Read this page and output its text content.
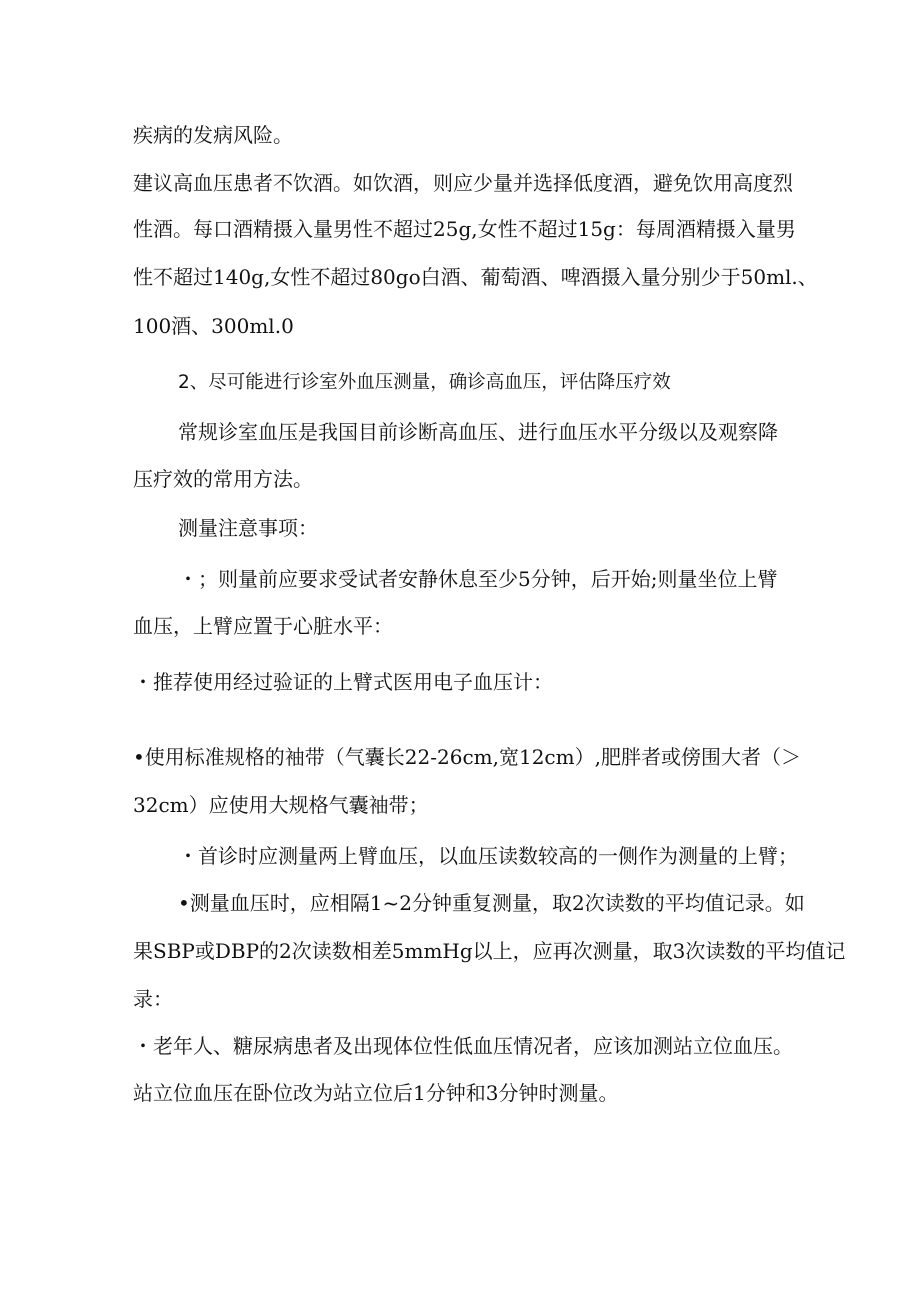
疾病的发病风险。
建议高血压患者不饮酒。如饮酒，则应少量并选择低度酒，避免饮用高度烈
性酒。每口酒精摄入量男性不超过25g,女性不超过15g：每周酒精摄入量男
性不超过140g,女性不超过80go白酒、葡萄酒、啤酒摄入量分别少于50ml.、
100酒、300ml.0
2、尽可能进行诊室外血压测量，确诊高血压，评估降压疗效
常规诊室血压是我国目前诊断高血压、进行血压水平分级以及观察降
压疗效的常用方法。
测量注意事项：
・；则量前应要求受试者安静休息至少5分钟，后开始;则量坐位上臂
血压，上臂应置于心脏水平：
・推荐使用经过验证的上臂式医用电子血压计：
•使用标准规格的袖带（气囊长22-26cm,宽12cm）,肥胖者或傍围大者（＞
32cm）应使用大规格气囊袖带；
・首诊时应测量两上臂血压，以血压读数较高的一侧作为测量的上臂；
•测量血压时，应相隔1~2分钟重复测量，取2次读数的平均值记录。如
果SBP或DBP的2次读数相差5mmHg以上，应再次测量，取3次读数的平均值记
录：
・老年人、糖尿病患者及出现体位性低血压情况者，应该加测站立位血压。
站立位血压在卧位改为站立位后1分钟和3分钟时测量。
